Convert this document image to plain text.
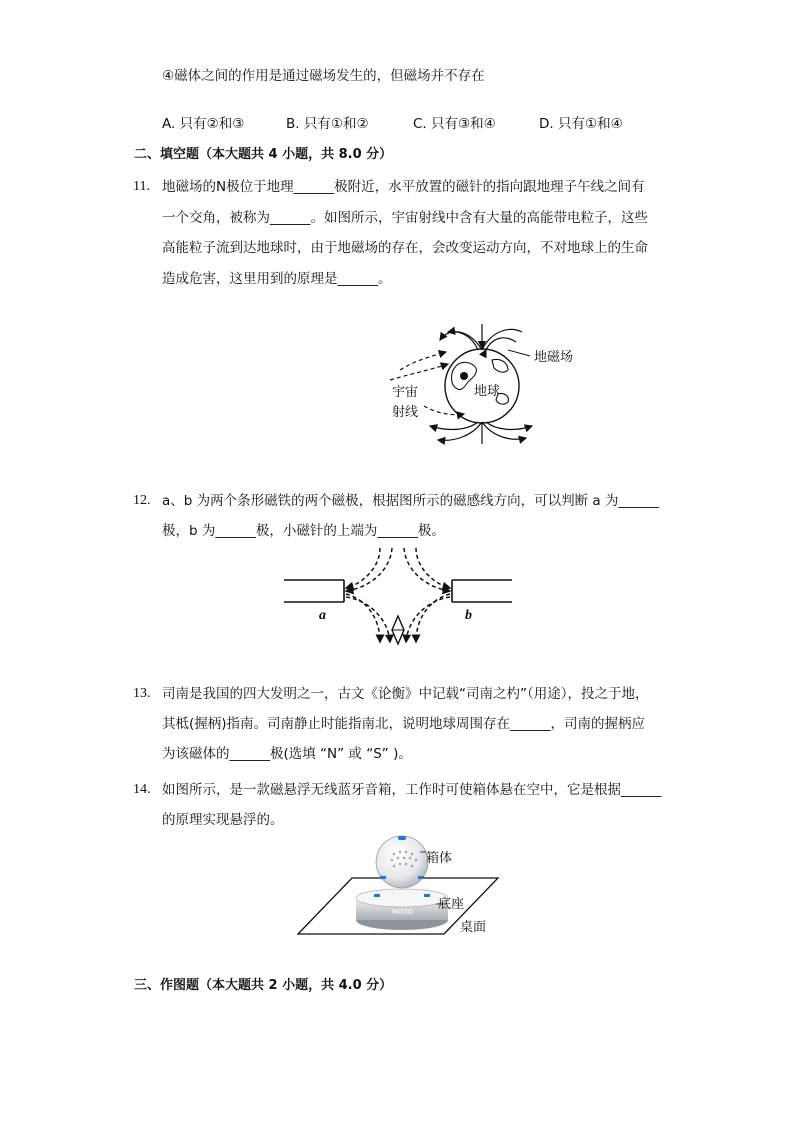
④磁体之间的作用是通过磁场发生的，但磁场并不存在
A. 只有②和③	B. 只有①和②	C. 只有③和④	D. 只有①和④
二、填空题（本大题共 4 小题，共 8.0 分）
11. 地磁场的N极位于地理______极附近，水平放置的磁针的指向跟地理子午线之间有
一个交角，被称为______。如图所示，宇宙射线中含有大量的高能带电粒子，这些
高能粒子流到达地球时，由于地磁场的存在，会改变运动方向，不对地球上的生命
造成危害，这里用到的原理是______。
地磁场
宇宙
射线
地球
12. a、b 为两个条形磁铁的两个磁极，根据图所示的磁感线方向，可以判断 a 为______
极，b 为______极，小磁针的上端为______极。
a	b
13. 司南是我国的四大发明之一，古文《论衡》中记载“司南之杓”（用途），投之于地，
其柢(握柄)指南。司南静止时能指南北，说明地球周围存在______，司南的握柄应
为该磁体的______极(选填 “N” 或 “S” )。
14. 如图所示，是一款磁悬浮无线蓝牙音箱，工作时可使箱体悬在空中，它是根据______
的原理实现悬浮的。
MOXO
箱体
底座
桌面
三、作图题（本大题共 2 小题，共 4.0 分）
